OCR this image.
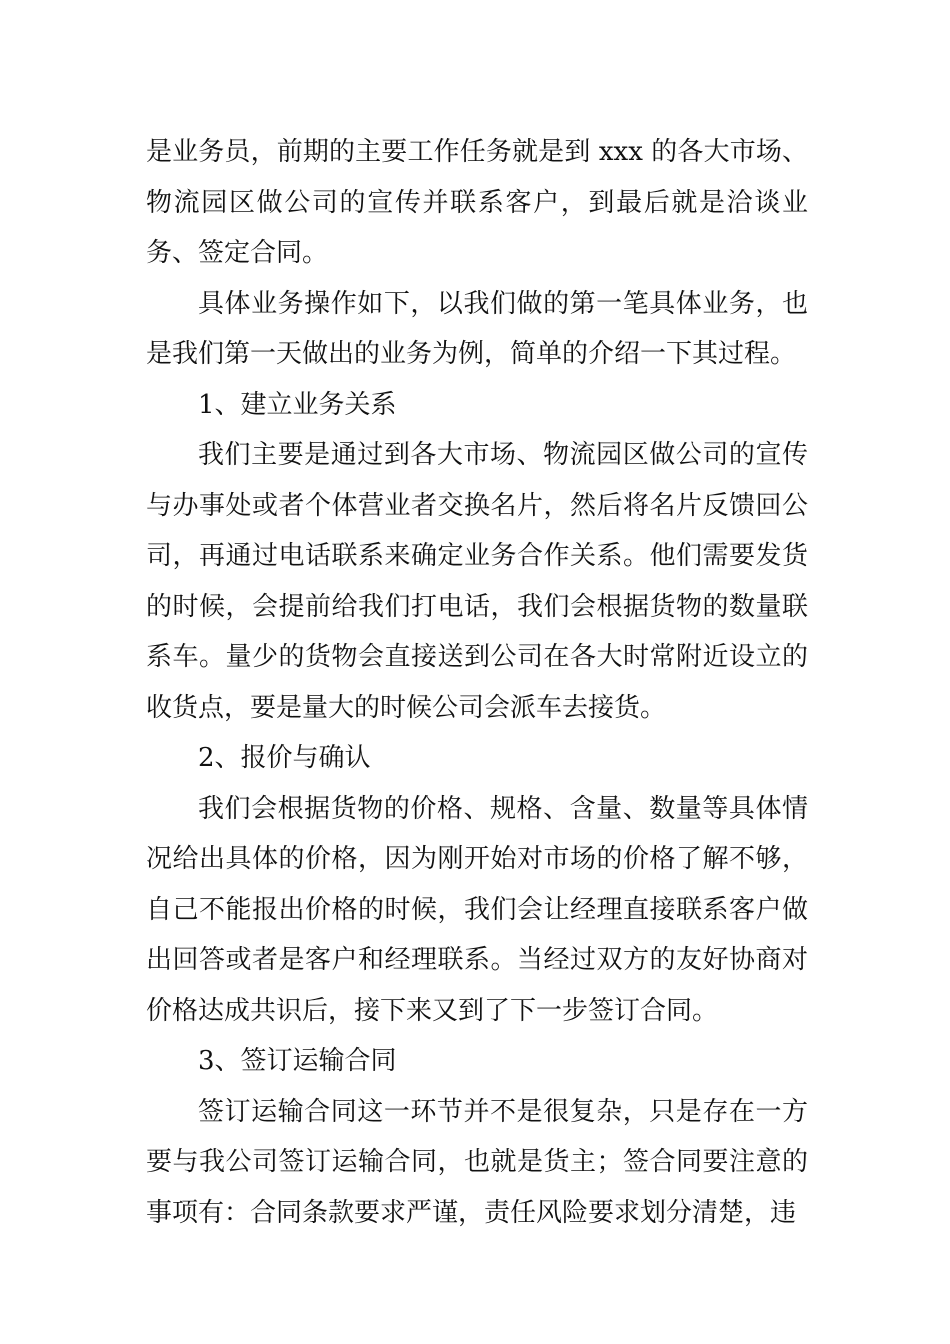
是业务员，前期的主要工作任务就是到 xxx 的各大市场、物流园区做公司的宣传并联系客户，到最后就是洽谈业务、签定合同。

具体业务操作如下，以我们做的第一笔具体业务，也是我们第一天做出的业务为例，简单的介绍一下其过程。

1、建立业务关系

我们主要是通过到各大市场、物流园区做公司的宣传与办事处或者个体营业者交换名片，然后将名片反馈回公司，再通过电话联系来确定业务合作关系。他们需要发货的时候，会提前给我们打电话，我们会根据货物的数量联系车。量少的货物会直接送到公司在各大时常附近设立的收货点，要是量大的时候公司会派车去接货。

2、报价与确认

我们会根据货物的价格、规格、含量、数量等具体情况给出具体的价格，因为刚开始对市场的价格了解不够，自己不能报出价格的时候，我们会让经理直接联系客户做出回答或者是客户和经理联系。当经过双方的友好协商对价格达成共识后，接下来又到了下一步签订合同。

3、签订运输合同

签订运输合同这一环节并不是很复杂，只是存在一方要与我公司签订运输合同，也就是货主；签合同要注意的事项有：合同条款要求严谨，责任风险要求划分清楚，违
